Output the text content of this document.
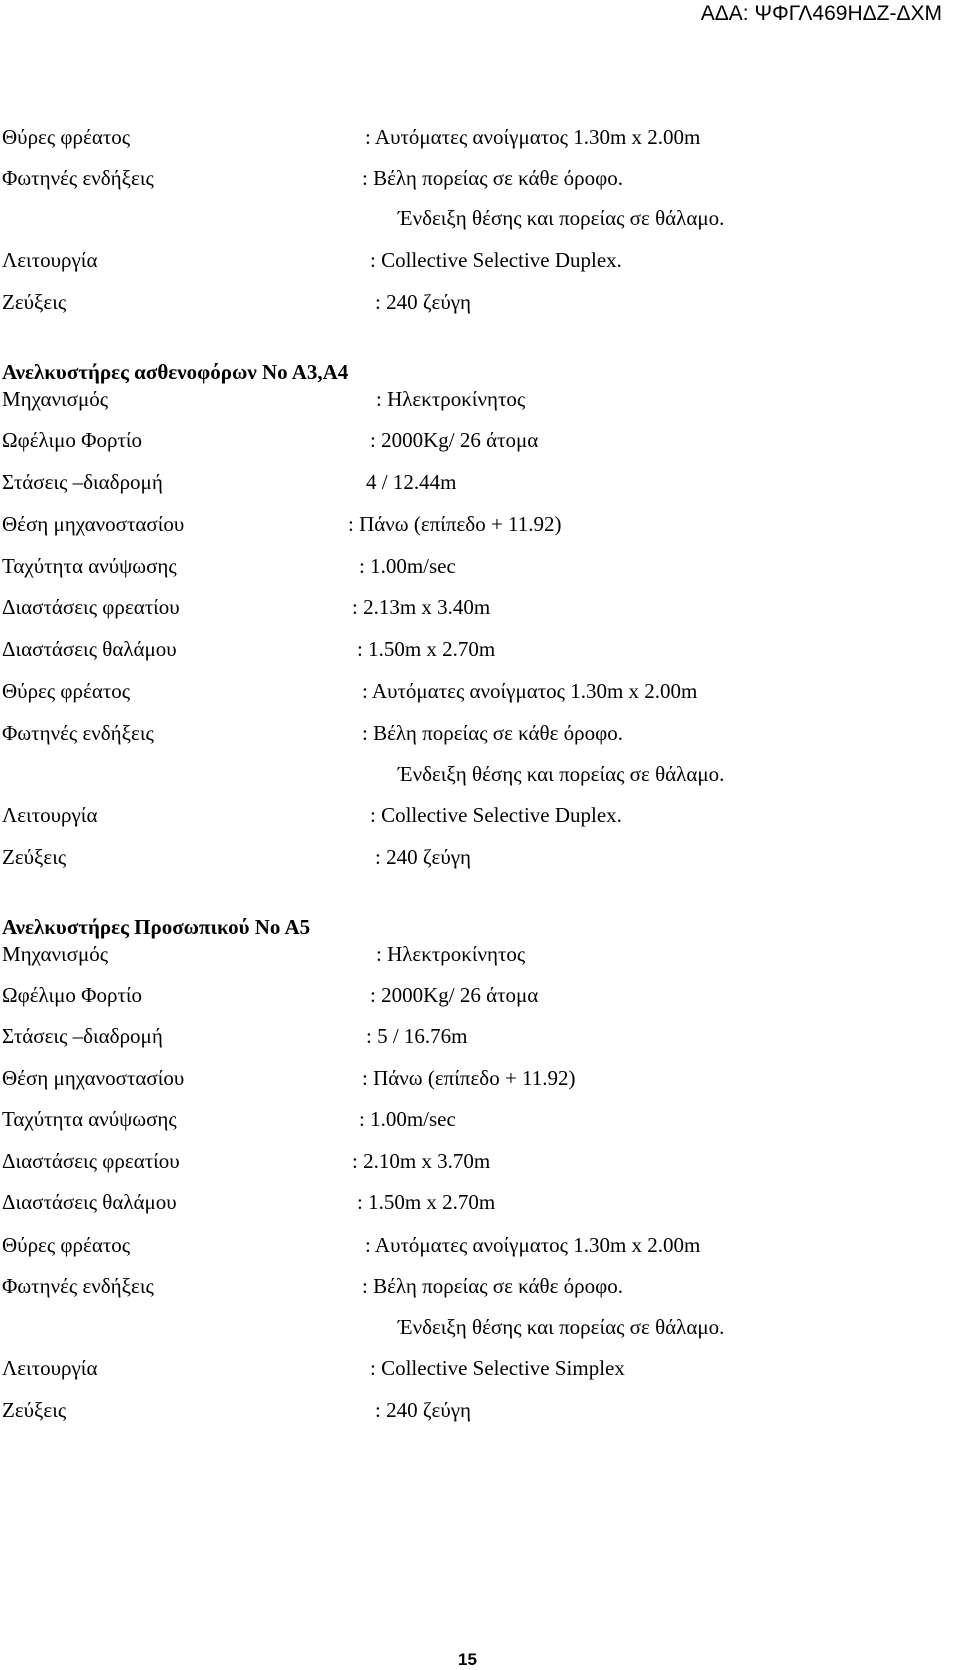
ΑΔΑ: ΨΦΓΛ469ΗΔΖ-ΔΧΜ
Θύρες φρέατος	: Αυτόματες ανοίγματος 1.30m x 2.00m
Φωτηνές ενδήξεις	: Βέλη πορείας σε κάθε όροφο.
Ένδειξη θέσης και πορείας σε θάλαμο.
Λειτουργία	: Collective Selective Duplex.
Ζεύξεις	: 240 ζεύγη
Ανελκυστήρες ασθενοφόρων Νο Α3,Α4
Μηχανισμός	: Ηλεκτροκίνητος
Ωφέλιμο Φορτίο	: 2000Kg/ 26 άτομα
Στάσεις –διαδρομή	4 / 12.44m
Θέση μηχανοστασίου	: Πάνω (επίπεδο + 11.92)
Ταχύτητα ανύψωσης	: 1.00m/sec
Διαστάσεις φρεατίου	: 2.13m x 3.40m
Διαστάσεις θαλάμου	: 1.50m x 2.70m
Θύρες φρέατος	: Αυτόματες ανοίγματος 1.30m x 2.00m
Φωτηνές ενδήξεις	: Βέλη πορείας σε κάθε όροφο.
Ένδειξη θέσης και πορείας σε θάλαμο.
Λειτουργία	: Collective Selective Duplex.
Ζεύξεις	: 240 ζεύγη
Ανελκυστήρες Προσωπικού Νο Α5
Μηχανισμός	: Ηλεκτροκίνητος
Ωφέλιμο Φορτίο	: 2000Kg/ 26 άτομα
Στάσεις –διαδρομή	: 5 / 16.76m
Θέση μηχανοστασίου	: Πάνω (επίπεδο + 11.92)
Ταχύτητα ανύψωσης	: 1.00m/sec
Διαστάσεις φρεατίου	: 2.10m x 3.70m
Διαστάσεις θαλάμου	: 1.50m x 2.70m
Θύρες φρέατος	: Αυτόματες ανοίγματος 1.30m x 2.00m
Φωτηνές ενδήξεις	: Βέλη πορείας σε κάθε όροφο.
Ένδειξη θέσης και πορείας σε θάλαμο.
Λειτουργία	: Collective Selective Simplex
Ζεύξεις	: 240 ζεύγη
15
